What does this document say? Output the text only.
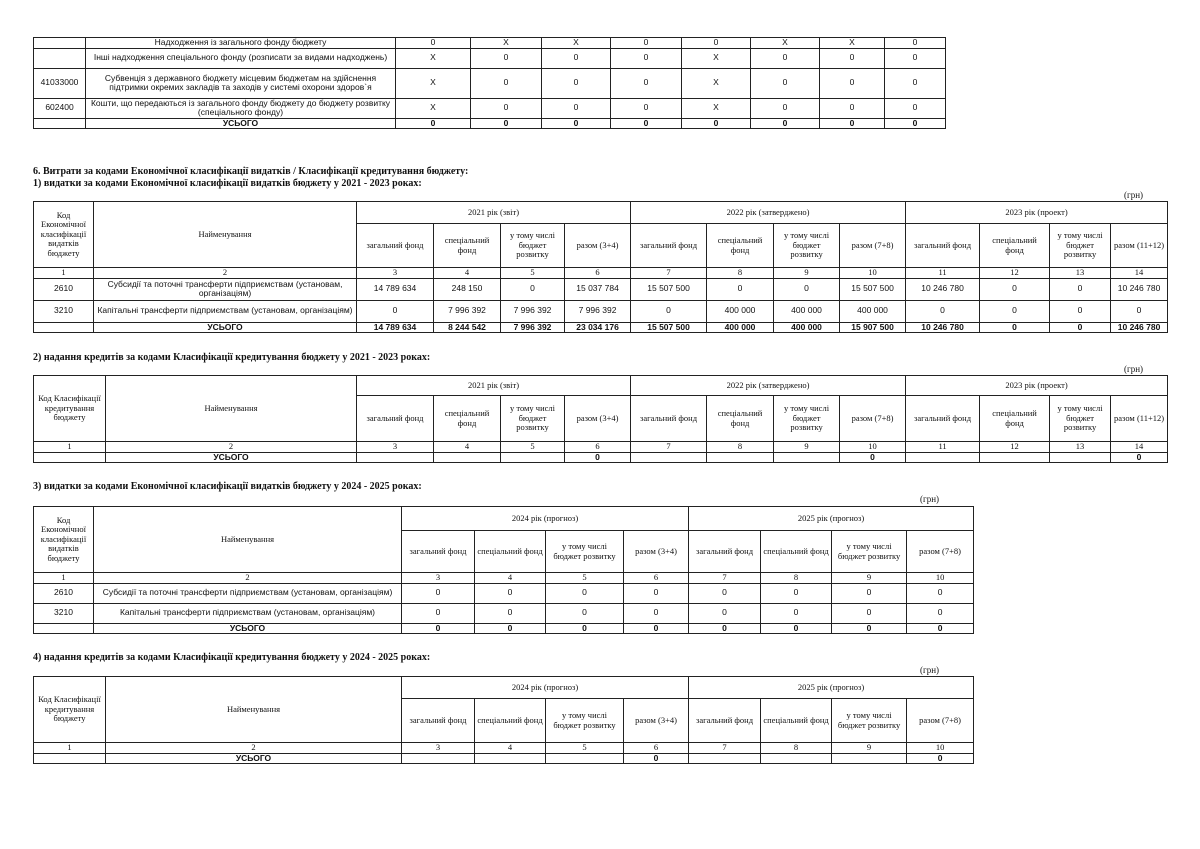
	Надходження із загального фонду бюджету	0	X	X	0	0	X	X	0
	Інші надходження спеціального фонду (розписати за видами надходжень)	X	0	0	0	X	0	0	0
41033000	Субвенція з державного бюджету місцевим бюджетам на здійснення підтримки окремих закладів та заходів у системі охорони здоров`я	X	0	0	0	X	0	0	0
602400	Кошти, що передаються із загального фонду бюджету до бюджету розвитку (спеціального фонду)	X	0	0	0	X	0	0	0
	УСЬОГО	0	0	0	0	0	0	0	0
6. Витрати за кодами Економічної класифікації видатків / Класифікації кредитування бюджету:
1) видатки за кодами Економічної класифікації видатків бюджету у 2021 - 2023 роках:
(грн)
Код Економічної класифікації видатків бюджету	Найменування	2021 рік (звіт)				2022 рік (затверджено)				2023 рік (проект)			
		загальний фонд	спеціальний фонд	у тому числі бюджет розвитку	разом (3+4)	загальний фонд	спеціальний фонд	у тому числі бюджет розвитку	разом (7+8)	загальний фонд	спеціальний фонд	у тому числі бюджет розвитку	разом (11+12)
1	2	3	4	5	6	7	8	9	10	11	12	13	14
2610	Субсидії та поточні трансферти підприємствам (установам, організаціям)	14 789 634	248 150	0	15 037 784	15 507 500	0	0	15 507 500	10 246 780	0	0	10 246 780
3210	Капітальні трансферти підприємствам (установам, організаціям)	0	7 996 392	7 996 392	7 996 392	0	400 000	400 000	400 000	0	0	0	0
	УСЬОГО	14 789 634	8 244 542	7 996 392	23 034 176	15 507 500	400 000	400 000	15 907 500	10 246 780	0	0	10 246 780
2) надання кредитів за кодами Класифікації кредитування бюджету у 2021 - 2023 роках:
(грн)
Код Класифікації кредитування бюджету	Найменування	2021 рік (звіт)				2022 рік (затверджено)				2023 рік (проект)			
		загальний фонд	спеціальний фонд	у тому числі бюджет розвитку	разом (3+4)	загальний фонд	спеціальний фонд	у тому числі бюджет розвитку	разом (7+8)	загальний фонд	спеціальний фонд	у тому числі бюджет розвитку	разом (11+12)
1	2	3	4	5	6	7	8	9	10	11	12	13	14
	УСЬОГО				0				0				0
3) видатки за кодами Економічної класифікації видатків бюджету у 2024 - 2025 роках:
(грн)
Код Економічної класифікації видатків бюджету	Найменування	2024 рік (прогноз)				2025 рік (прогноз)			
		загальний фонд	спеціальний фонд	у тому числі бюджет розвитку	разом (3+4)	загальний фонд	спеціальний фонд	у тому числі бюджет розвитку	разом (7+8)
1	2	3	4	5	6	7	8	9	10
2610	Субсидії та поточні трансферти підприємствам (установам, організаціям)	0	0	0	0	0	0	0	0
3210	Капітальні трансферти підприємствам (установам, організаціям)	0	0	0	0	0	0	0	0
	УСЬОГО	0	0	0	0	0	0	0	0
4) надання кредитів за кодами Класифікації кредитування бюджету у 2024 - 2025 роках:
(грн)
Код Класифікації кредитування бюджету	Найменування	2024 рік (прогноз)				2025 рік (прогноз)			
		загальний фонд	спеціальний фонд	у тому числі бюджет розвитку	разом (3+4)	загальний фонд	спеціальний фонд	у тому числі бюджет розвитку	разом (7+8)
1	2	3	4	5	6	7	8	9	10
	УСЬОГО				0				0
